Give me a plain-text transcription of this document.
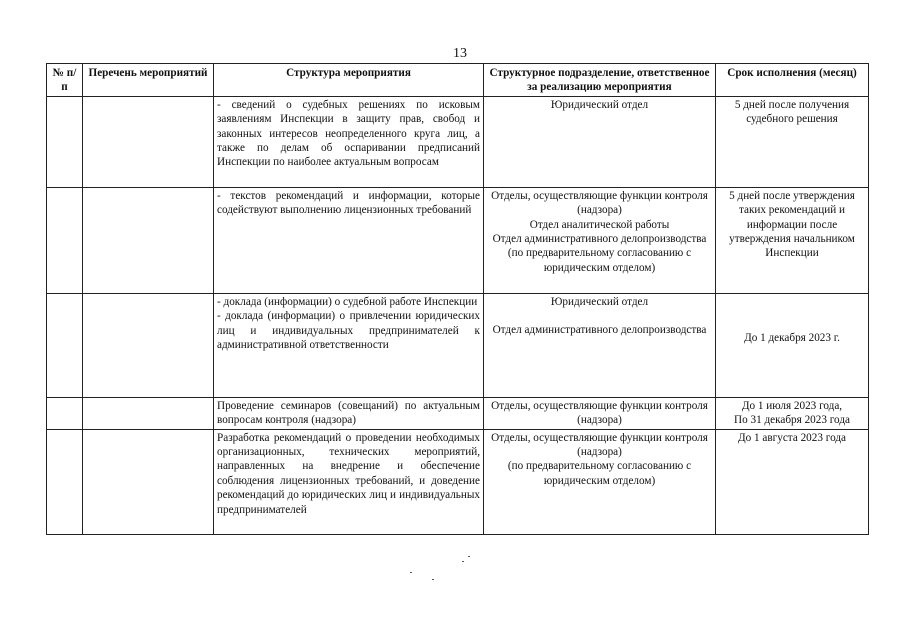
13
№ п/п	Перечень мероприятий	Структура мероприятия	Структурное подразделение, ответственное за реализацию мероприятия	Срок исполнения (месяц)
		- сведений о судебных решениях по исковым заявлениям Инспекции в защиту прав, свобод и законных интересов неопределенного круга лиц, а также по делам об оспаривании предписаний Инспекции по наиболее актуальным вопросам	Юридический отдел	5 дней после получения судебного решения
		- текстов рекомендаций и информации, которые содействуют выполнению лицензионных требований	Отделы, осуществляющие функции контроля (надзора)
Отдел аналитической работы
Отдел административного делопроизводства
(по предварительному согласованию с юридическим отделом)	5 дней после утверждения таких рекомендаций и информации после утверждения начальником Инспекции

		- доклада (информации) о судебной работе Инспекции
- доклада (информации) о привлечении юридических лиц и индивидуальных предпринимателей к административной ответственности	Юридический отдел
Отдел административного делопроизводства	До 1 декабря 2023 г.
		Проведение семинаров (совещаний) по актуальным вопросам контроля (надзора)	Отделы, осуществляющие функции контроля (надзора)	До 1 июля 2023 года,
По 31 декабря 2023 года

		Разработка рекомендаций о проведении необходимых организационных, технических мероприятий, направленных на внедрение и обеспечение соблюдения лицензионных требований, и доведение рекомендаций до юридических лиц и индивидуальных предпринимателей	Отделы, осуществляющие функции контроля (надзора)
(по предварительному согласованию с юридическим отделом)	До 1 августа 2023 года
